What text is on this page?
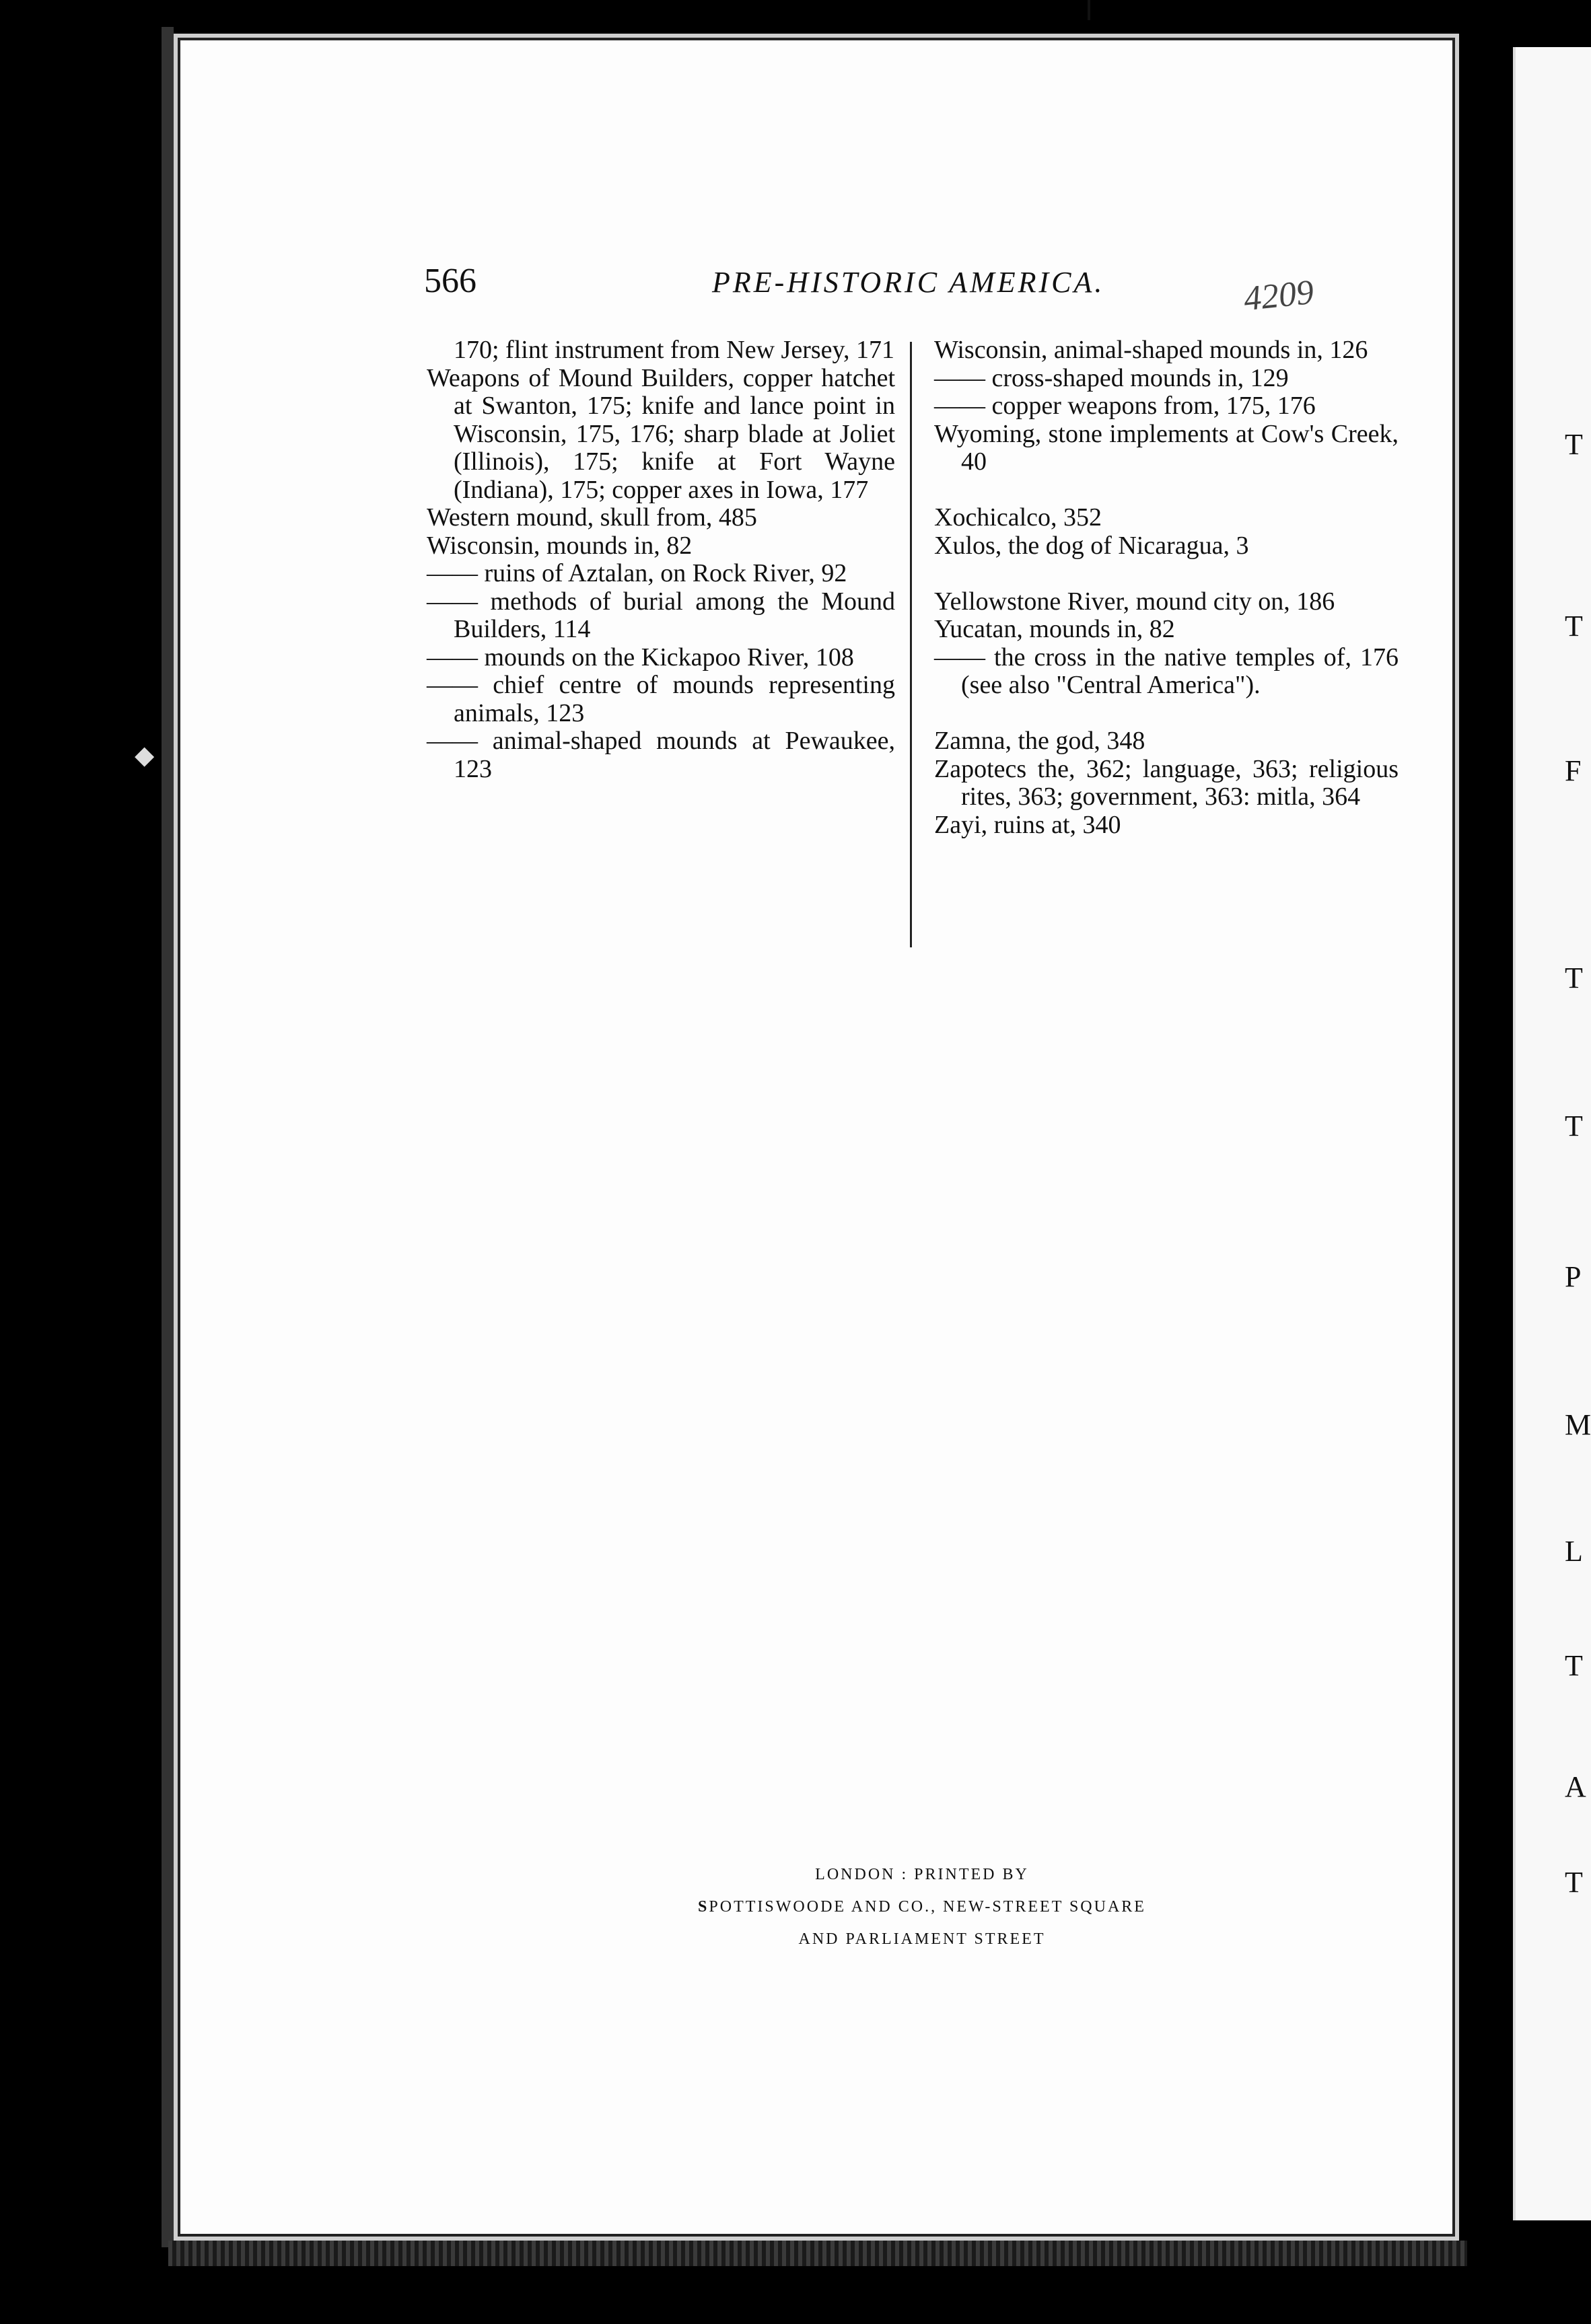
◆
566	PRE-HISTORIC AMERICA.	4209
170; flint instrument from New Jersey, 171
Weapons of Mound Builders, copper hatchet at Swanton, 175; knife and lance point in Wisconsin, 175, 176; sharp blade at Joliet (Illinois), 175; knife at Fort Wayne (Indiana), 175; copper axes in Iowa, 177
Western mound, skull from, 485
Wisconsin, mounds in, 82
—— ruins of Aztalan, on Rock River, 92
—— methods of burial among the Mound Builders, 114
—— mounds on the Kickapoo River, 108
—— chief centre of mounds representing animals, 123
—— animal-shaped mounds at Pewaukee, 123
Wisconsin, animal-shaped mounds in, 126
—— cross-shaped mounds in, 129
—— copper weapons from, 175, 176
Wyoming, stone implements at Cow's Creek, 40
Xochicalco, 352
Xulos, the dog of Nicaragua, 3
Yellowstone River, mound city on, 186
Yucatan, mounds in, 82
—— the cross in the native temples of, 176 (see also "Central America").
Zamna, the god, 348
Zapotecs the, 362; language, 363; religious rites, 363; government, 363: mitla, 364
Zayi, ruins at, 340
LONDON : PRINTED BY
SPOTTISWOODE AND CO., NEW-STREET SQUARE
AND PARLIAMENT STREET
T
T
F
T
T
P
M
L
T
A
T
